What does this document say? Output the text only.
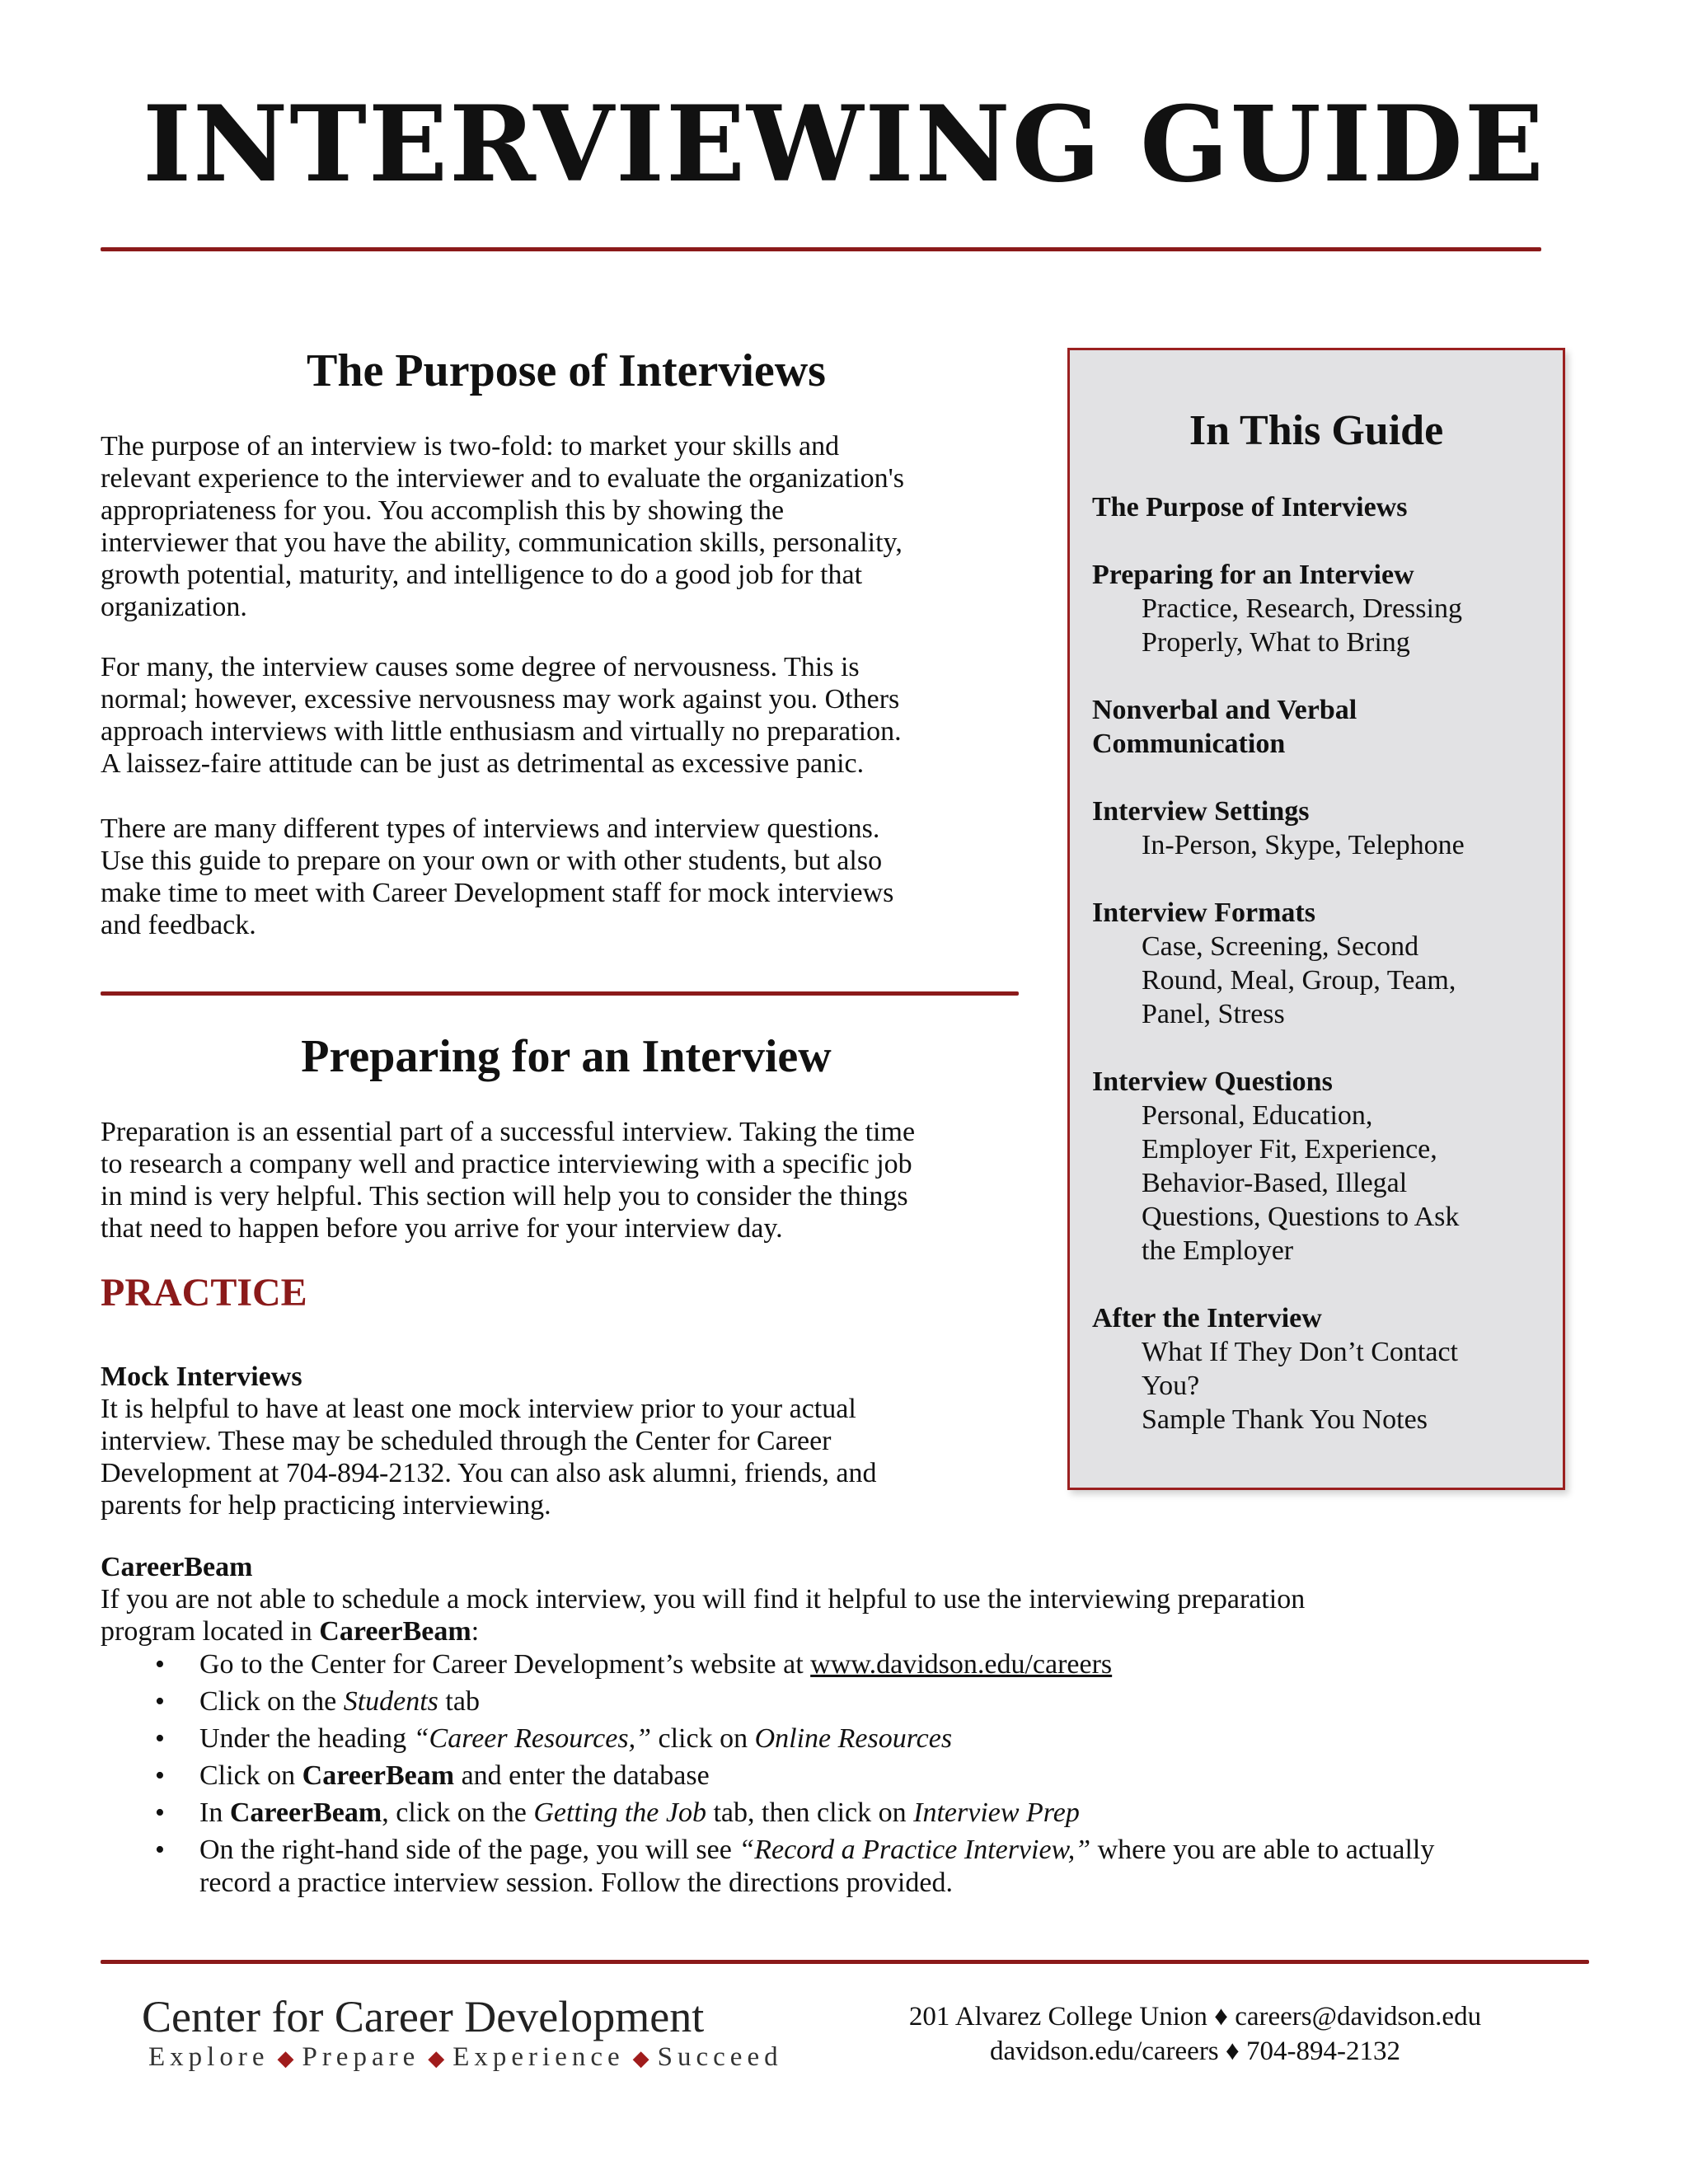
INTERVIEWING GUIDE
The Purpose of Interviews
The purpose of an interview is two-fold: to market your skills and
relevant experience to the interviewer and to evaluate the organization's
appropriateness for you. You accomplish this by showing the
interviewer that you have the ability, communication skills, personality,
growth potential, maturity, and intelligence to do a good job for that
organization.
For many, the interview causes some degree of nervousness. This is
normal; however, excessive nervousness may work against you. Others
approach interviews with little enthusiasm and virtually no preparation.
A laissez-faire attitude can be just as detrimental as excessive panic.
There are many different types of interviews and interview questions.
Use this guide to prepare on your own or with other students, but also
make time to meet with Career Development staff for mock interviews
and feedback.
Preparing for an Interview
Preparation is an essential part of a successful interview. Taking the time
to research a company well and practice interviewing with a specific job
in mind is very helpful. This section will help you to consider the things
that need to happen before you arrive for your interview day.
PRACTICE
Mock Interviews
It is helpful to have at least one mock interview prior to your actual
interview. These may be scheduled through the Center for Career
Development at 704-894-2132. You can also ask alumni, friends, and
parents for help practicing interviewing.
CareerBeam
If you are not able to schedule a mock interview, you will find it helpful to use the interviewing preparation
program located in CareerBeam:
• Go to the Center for Career Development’s website at www.davidson.edu/careers
• Click on the Students tab
• Under the heading “Career Resources,” click on Online Resources
• Click on CareerBeam and enter the database
• In CareerBeam, click on the Getting the Job tab, then click on Interview Prep
• On the right-hand side of the page, you will see “Record a Practice Interview,” where you are able to actually
record a practice interview session. Follow the directions provided.
In This Guide
The Purpose of Interviews
Preparing for an Interview
Practice, Research, Dressing
Properly, What to Bring
Nonverbal and Verbal Communication
Interview Settings
In-Person, Skype, Telephone
Interview Formats
Case, Screening, Second
Round, Meal, Group, Team,
Panel, Stress
Interview Questions
Personal, Education,
Employer Fit, Experience,
Behavior-Based, Illegal
Questions, Questions to Ask
the Employer
After the Interview
What If They Don’t Contact
You?
Sample Thank You Notes
Center for Career Development
Explore ◆ Prepare ◆ Experience ◆ Succeed
201 Alvarez College Union ♦ careers@davidson.edu
davidson.edu/careers ♦ 704-894-2132
